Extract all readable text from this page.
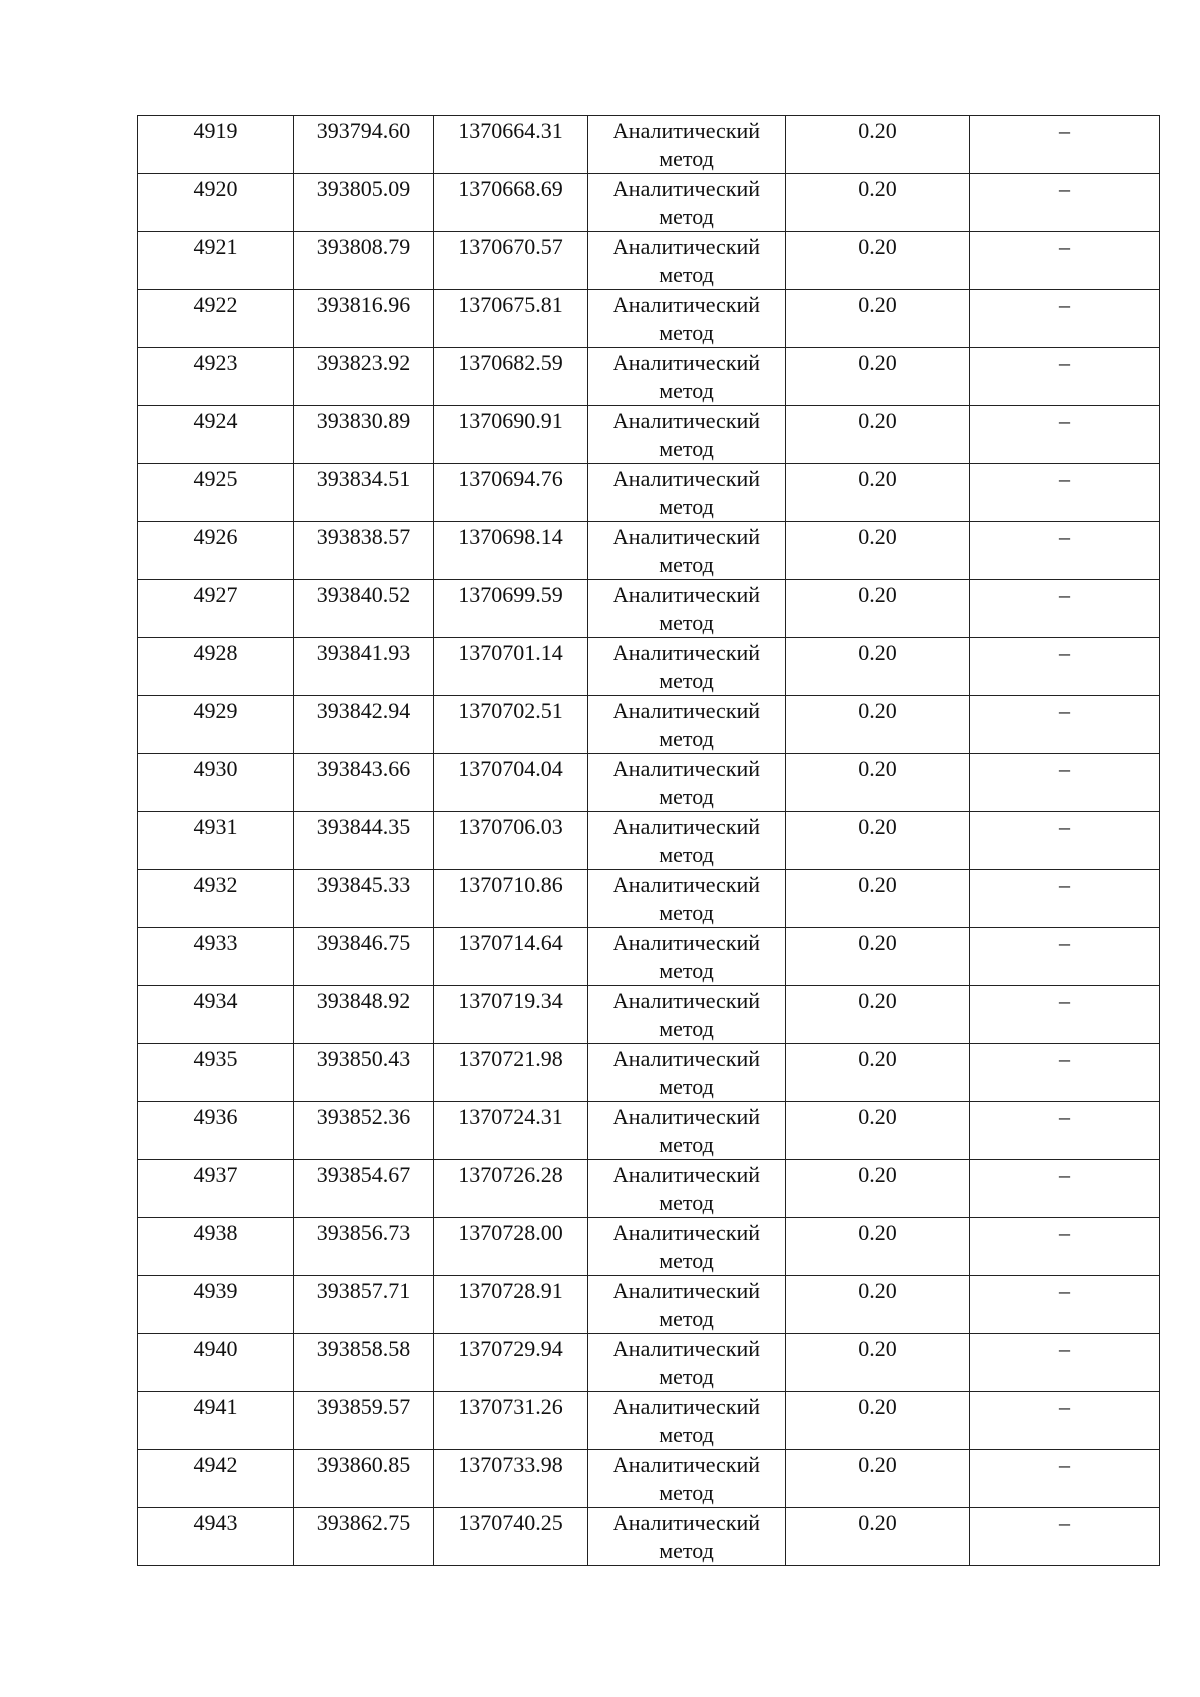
4919	393794.60	1370664.31	Аналитический метод	0.20	–

4920	393805.09	1370668.69	Аналитический метод	0.20	–

4921	393808.79	1370670.57	Аналитический метод	0.20	–

4922	393816.96	1370675.81	Аналитический метод	0.20	–

4923	393823.92	1370682.59	Аналитический метод	0.20	–

4924	393830.89	1370690.91	Аналитический метод	0.20	–

4925	393834.51	1370694.76	Аналитический метод	0.20	–

4926	393838.57	1370698.14	Аналитический метод	0.20	–

4927	393840.52	1370699.59	Аналитический метод	0.20	–

4928	393841.93	1370701.14	Аналитический метод	0.20	–

4929	393842.94	1370702.51	Аналитический метод	0.20	–

4930	393843.66	1370704.04	Аналитический метод	0.20	–

4931	393844.35	1370706.03	Аналитический метод	0.20	–

4932	393845.33	1370710.86	Аналитический метод	0.20	–

4933	393846.75	1370714.64	Аналитический метод	0.20	–

4934	393848.92	1370719.34	Аналитический метод	0.20	–

4935	393850.43	1370721.98	Аналитический метод	0.20	–

4936	393852.36	1370724.31	Аналитический метод	0.20	–

4937	393854.67	1370726.28	Аналитический метод	0.20	–

4938	393856.73	1370728.00	Аналитический метод	0.20	–

4939	393857.71	1370728.91	Аналитический метод	0.20	–

4940	393858.58	1370729.94	Аналитический метод	0.20	–

4941	393859.57	1370731.26	Аналитический метод	0.20	–

4942	393860.85	1370733.98	Аналитический метод	0.20	–

4943	393862.75	1370740.25	Аналитический метод	0.20	–
